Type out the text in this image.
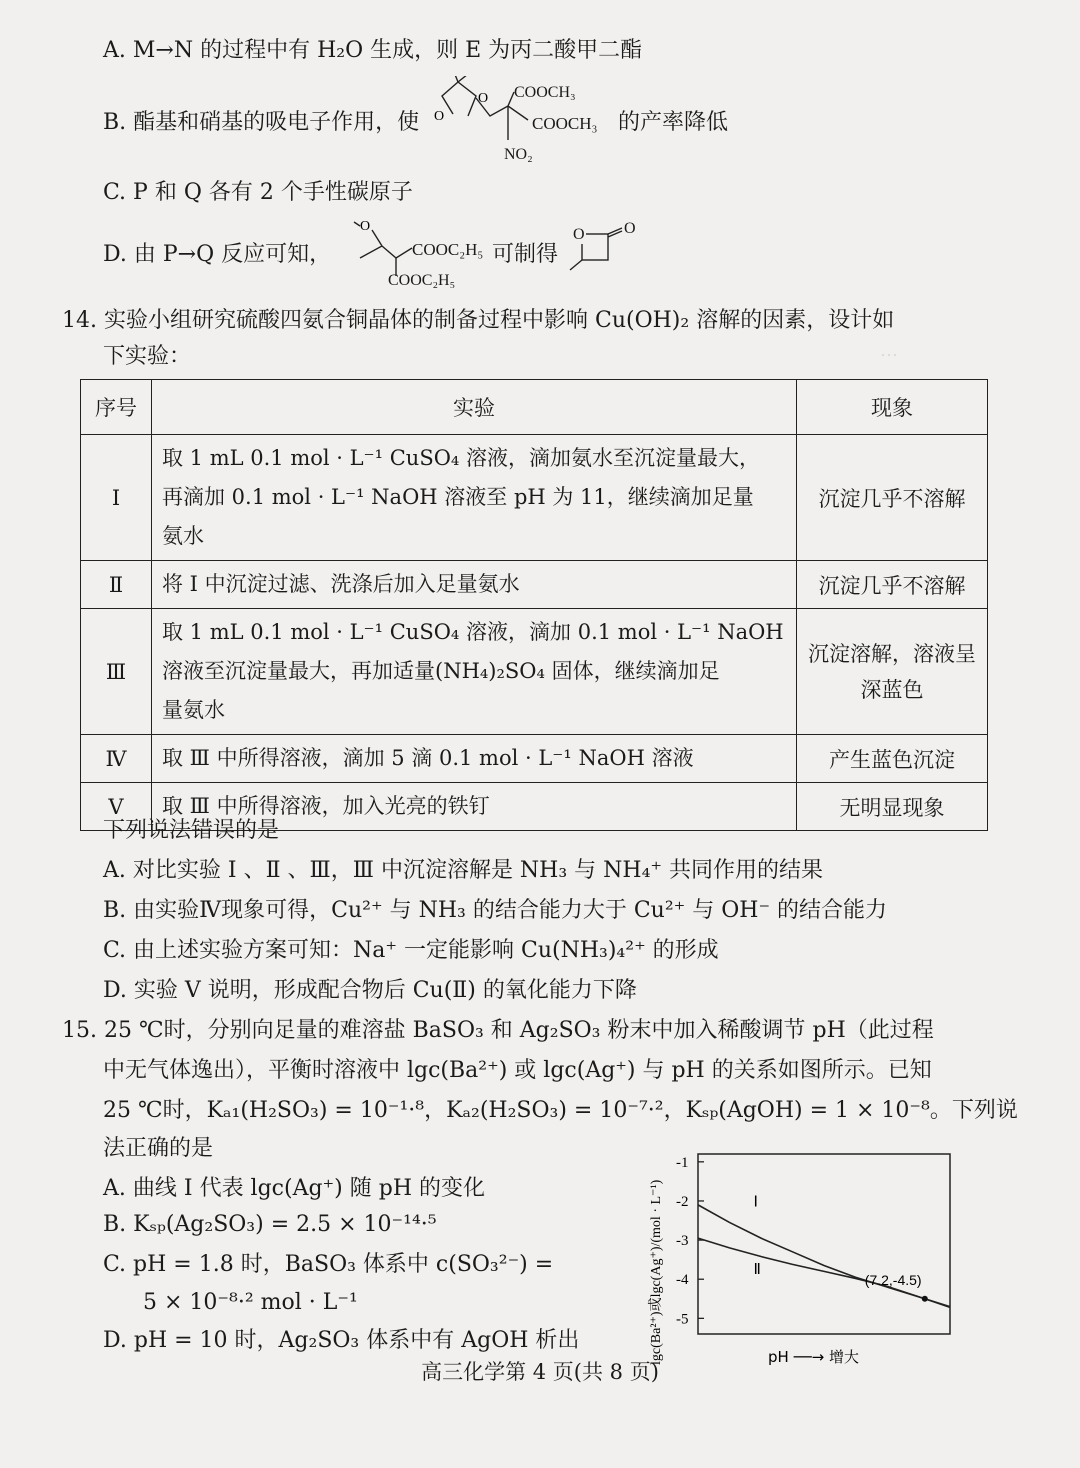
…
A. M→N 的过程中有 H₂O 生成，则 E 为丙二酸甲二酯
B. 酯基和硝基的吸电子作用，使 O
O COOCH₃
COOCH₃
NO₂
的产率降低
C. P 和 Q 各有 2 个手性碳原子
D. 由 P→Q 反应可知，
O
COOC₂H₅
COOC₂H₅
可制得
O O
14. 实验小组研究硫酸四氨合铜晶体的制备过程中影响 Cu(OH)₂ 溶解的因素，设计如
下实验：
序号	实验	现象
Ⅰ	取 1 mL 0.1 mol · L⁻¹ CuSO₄ 溶液，滴加氨水至沉淀量最大，
再滴加 0.1 mol · L⁻¹ NaOH 溶液至 pH 为 11，继续滴加足量
氨水	沉淀几乎不溶解
Ⅱ	将 Ⅰ 中沉淀过滤、洗涤后加入足量氨水	沉淀几乎不溶解
Ⅲ	取 1 mL 0.1 mol · L⁻¹ CuSO₄ 溶液，滴加 0.1 mol · L⁻¹ NaOH
溶液至沉淀量最大，再加适量(NH₄)₂SO₄ 固体，继续滴加足
量氨水	沉淀溶解，溶液呈深蓝色
Ⅳ	取 Ⅲ 中所得溶液，滴加 5 滴 0.1 mol · L⁻¹ NaOH 溶液	产生蓝色沉淀
Ⅴ	取 Ⅲ 中所得溶液，加入光亮的铁钉	无明显现象
下列说法错误的是
A. 对比实验 Ⅰ 、Ⅱ 、Ⅲ，Ⅲ 中沉淀溶解是 NH₃ 与 NH₄⁺ 共同作用的结果
B. 由实验Ⅳ现象可得，Cu²⁺ 与 NH₃ 的结合能力大于 Cu²⁺ 与 OH⁻ 的结合能力
C. 由上述实验方案可知：Na⁺ 一定能影响 Cu(NH₃)₄²⁺ 的形成
D. 实验 Ⅴ 说明，形成配合物后 Cu(Ⅱ) 的氧化能力下降
15. 25 ℃时，分别向足量的难溶盐 BaSO₃ 和 Ag₂SO₃ 粉末中加入稀酸调节 pH（此过程
中无气体逸出），平衡时溶液中 lgc(Ba²⁺) 或 lgc(Ag⁺) 与 pH 的关系如图所示。已知
25 ℃时，Kₐ₁(H₂SO₃) = 10⁻¹·⁸，Kₐ₂(H₂SO₃) = 10⁻⁷·²，Kₛₚ(AgOH) = 1 × 10⁻⁸。下列说
法正确的是
A. 曲线 Ⅰ 代表 lgc(Ag⁺) 随 pH 的变化
B. Kₛₚ(Ag₂SO₃) = 2.5 × 10⁻¹⁴·⁵
C. pH = 1.8 时，BaSO₃ 体系中 c(SO₃²⁻) =
5 × 10⁻⁸·² mol · L⁻¹
D. pH = 10 时，Ag₂SO₃ 体系中有 AgOH 析出	lgc(Ba²⁺)或lgc(Ag⁺)/(mol · L⁻¹)	pH ──→ 增大
-1
-2
-3
-4
-5
Ⅰ
Ⅱ
(7.2,-4.5)
高三化学第 4 页(共 8 页)
